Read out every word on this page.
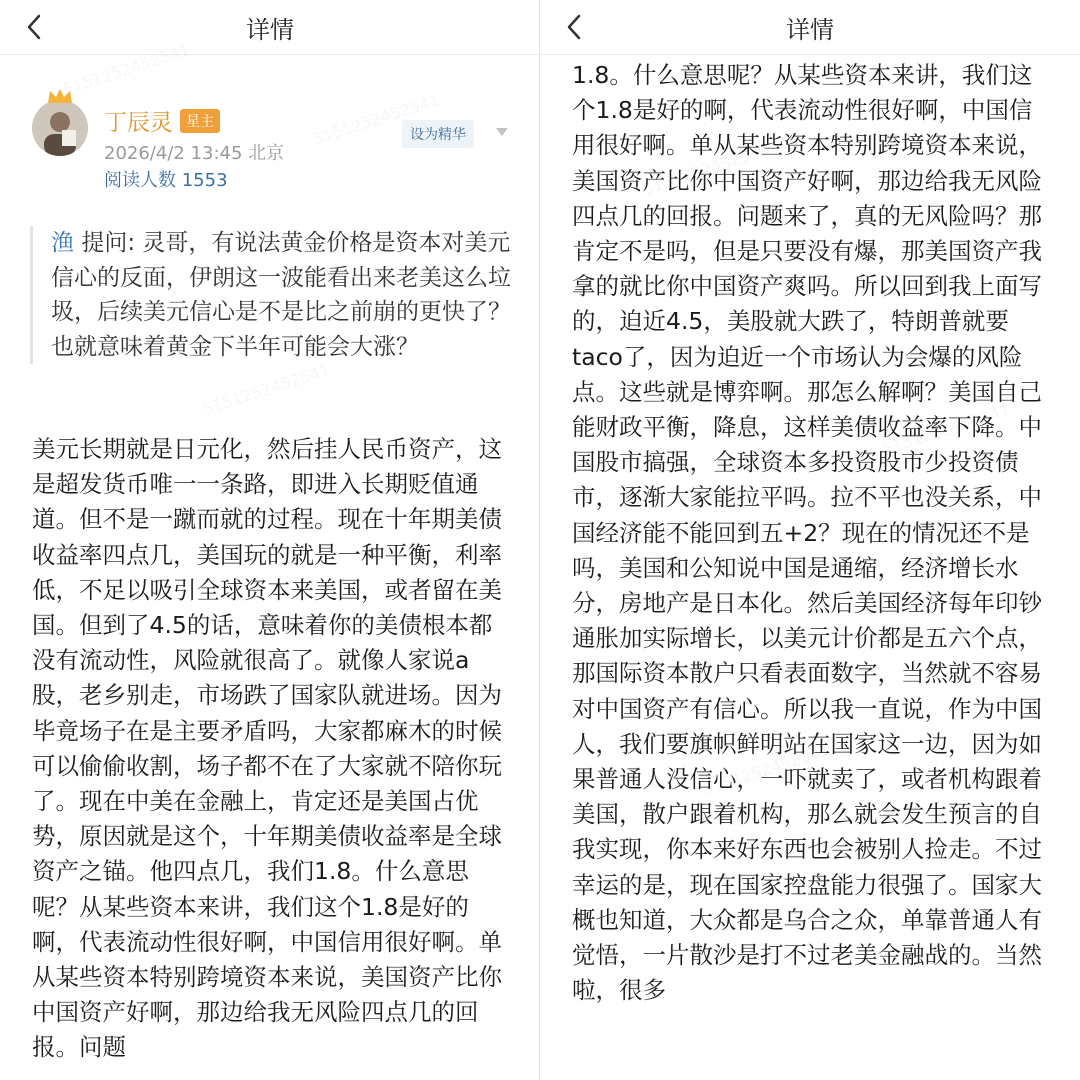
详情
丁辰灵 星主
2026/4/2 13:45 北京
阅读人数 1553
设为精华
渔 提问: 灵哥，有说法黄金价格是资本对美元信心的反面，伊朗这一波能看出来老美这么垃圾，后续美元信心是不是比之前崩的更快了？也就意味着黄金下半年可能会大涨？
美元长期就是日元化，然后挂人民币资产，这是超发货币唯一一条路，即进入长期贬值通道。但不是一蹴而就的过程。现在十年期美债收益率四点几，美国玩的就是一种平衡，利率低，不足以吸引全球资本来美国，或者留在美国。但到了4.5的话，意味着你的美债根本都没有流动性，风险就很高了。就像人家说a股，老乡别走，市场跌了国家队就进场。因为毕竟场子在是主要矛盾吗，大家都麻木的时候可以偷偷收割，场子都不在了大家就不陪你玩了。现在中美在金融上，肯定还是美国占优势，原因就是这个，十年期美债收益率是全球资产之锚。他四点几，我们1.8。什么意思呢？从某些资本来讲，我们这个1.8是好的啊，代表流动性很好啊，中国信用很好啊。单从某些资本特别跨境资本来说，美国资产比你中国资产好啊，那边给我无风险四点几的回报。问题
详情
1.8。什么意思呢？从某些资本来讲，我们这个1.8是好的啊，代表流动性很好啊，中国信用很好啊。单从某些资本特别跨境资本来说，美国资产比你中国资产好啊，那边给我无风险四点几的回报。问题来了，真的无风险吗？那肯定不是吗，但是只要没有爆，那美国资产我拿的就比你中国资产爽吗。所以回到我上面写的，迫近4.5，美股就大跌了，特朗普就要taco了，因为迫近一个市场认为会爆的风险点。这些就是博弈啊。那怎么解啊？美国自己能财政平衡，降息，这样美债收益率下降。中国股市搞强，全球资本多投资股市少投资债市，逐渐大家能拉平吗。拉不平也没关系，中国经济能不能回到五+2？现在的情况还不是吗，美国和公知说中国是通缩，经济增长水分，房地产是日本化。然后美国经济每年印钞通胀加实际增长，以美元计价都是五六个点，那国际资本散户只看表面数字，当然就不容易对中国资产有信心。所以我一直说，作为中国人，我们要旗帜鲜明站在国家这一边，因为如果普通人没信心，一吓就卖了，或者机构跟着美国，散户跟着机构，那么就会发生预言的自我实现，你本来好东西也会被别人捡走。不过幸运的是，现在国家控盘能力很强了。国家大概也知道，大众都是乌合之众，单靠普通人有觉悟，一片散沙是打不过老美金融战的。当然啦，很多
